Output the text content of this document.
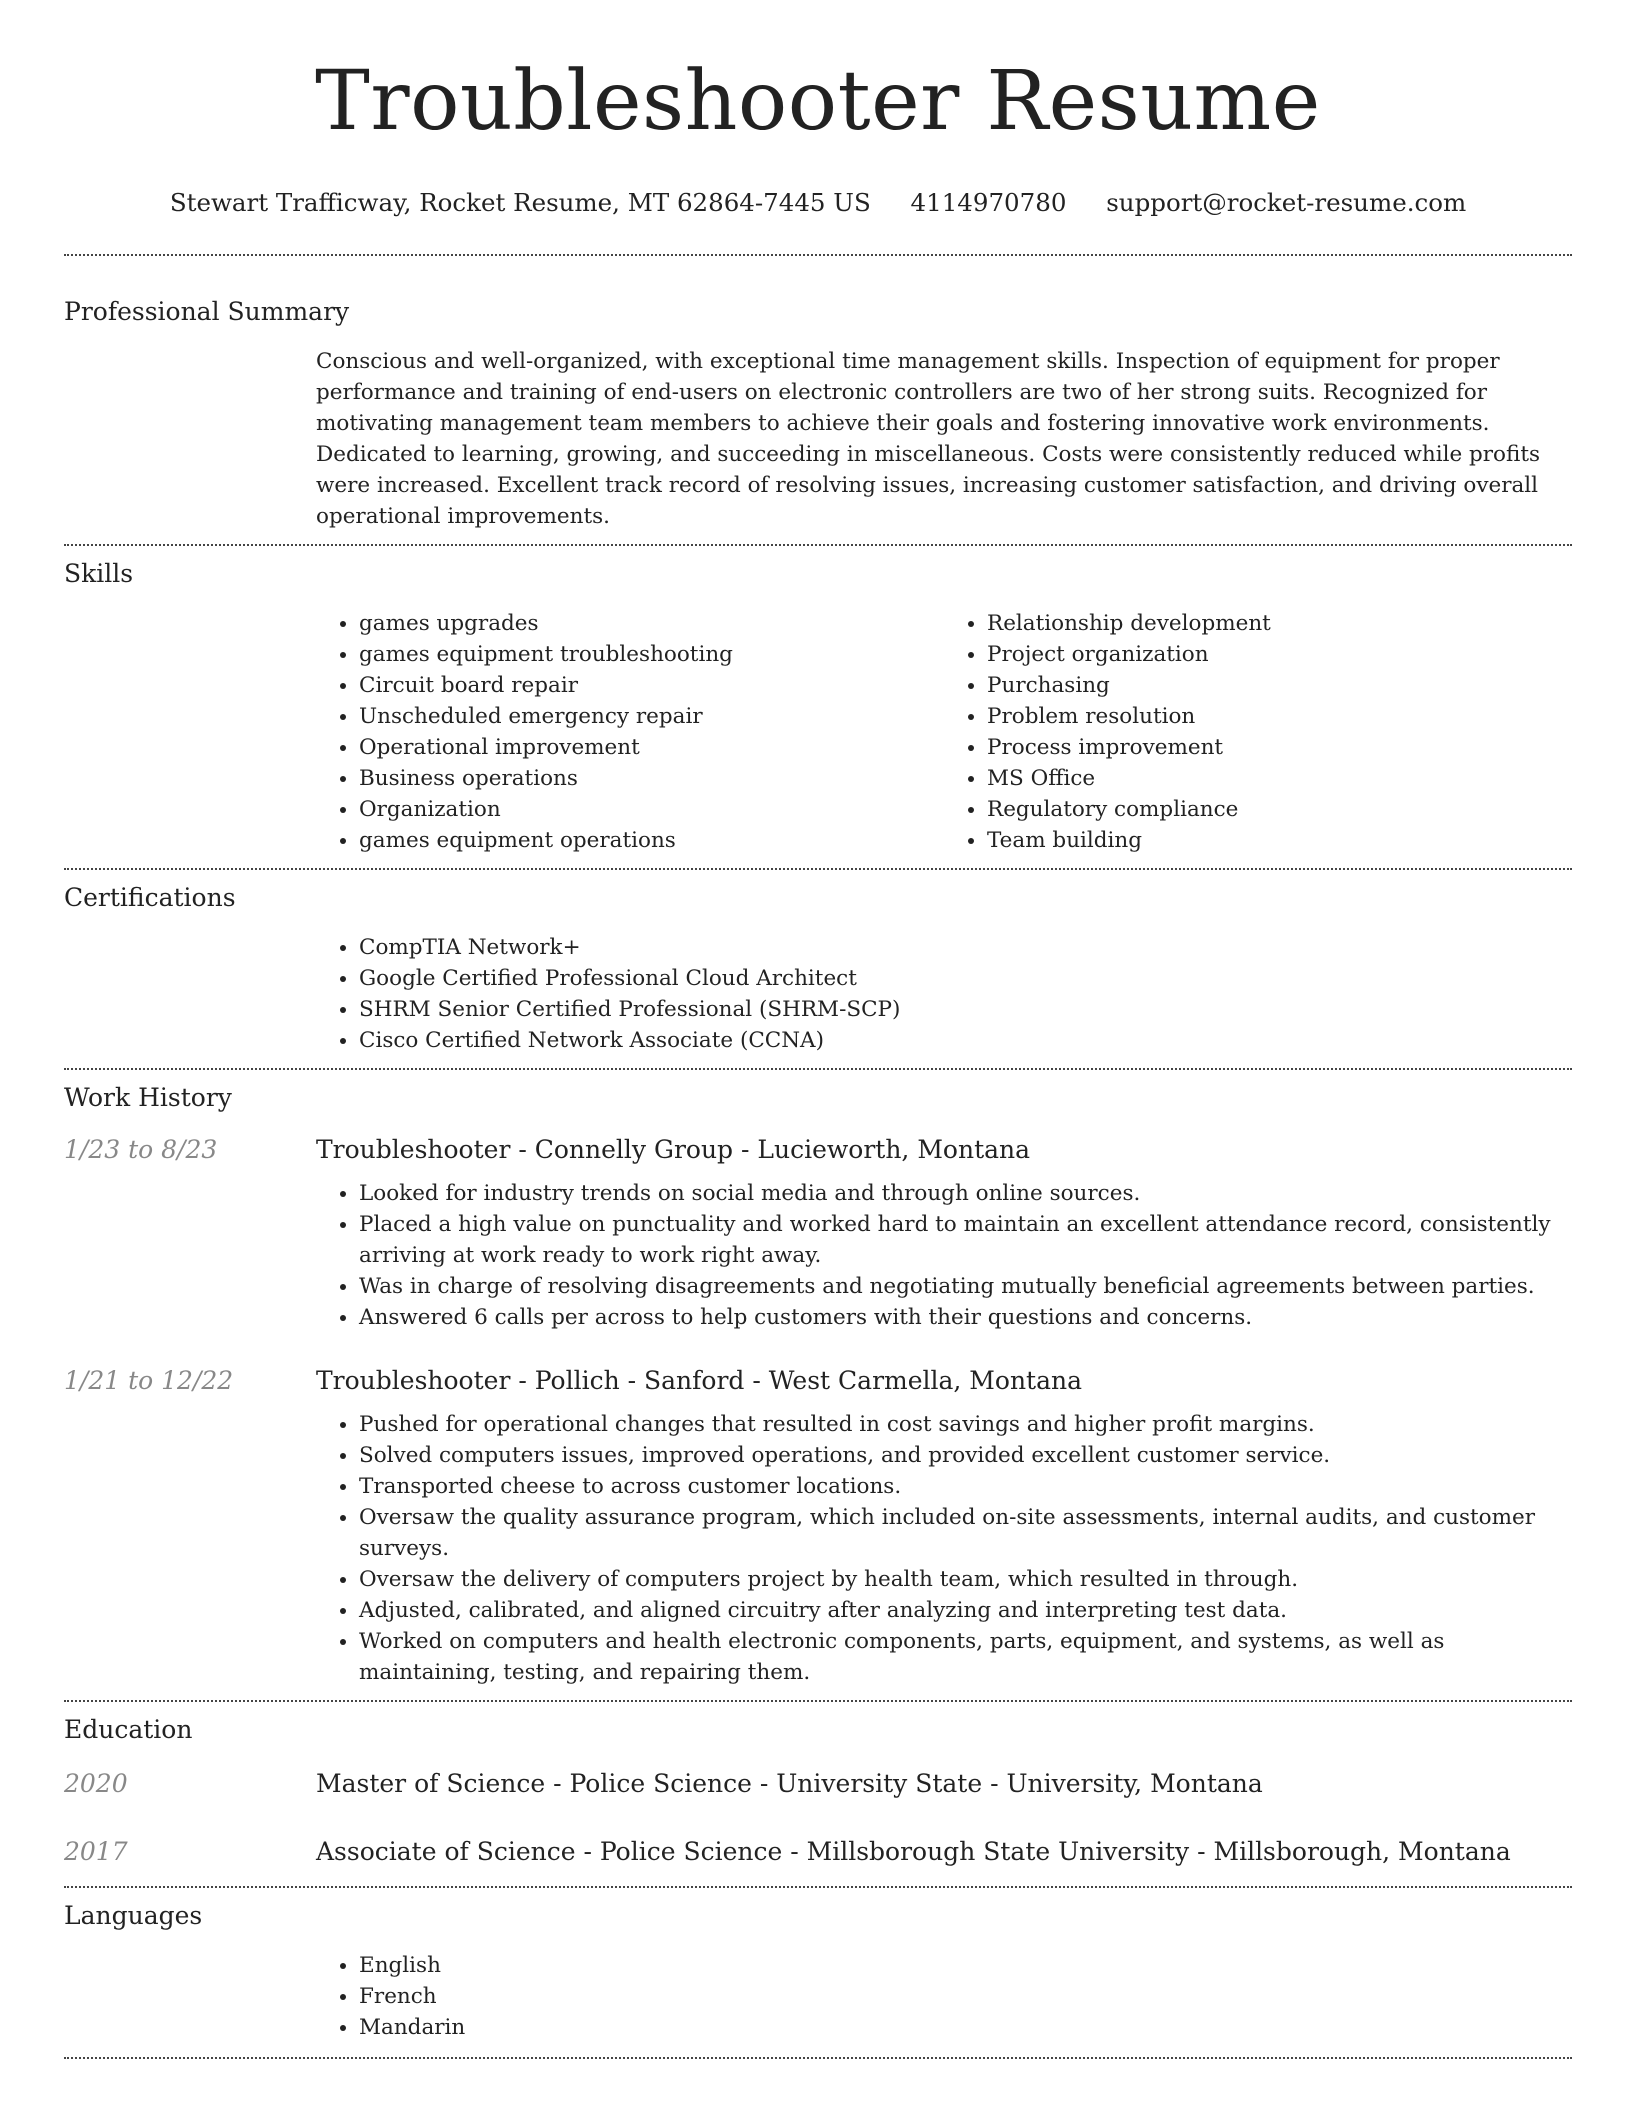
Troubleshooter Resume
Stewart Trafficway, Rocket Resume, MT 62864-7445 US 4114970780 support@rocket-resume.com
Professional Summary

Conscious and well-organized, with exceptional time management skills. Inspection of equipment for proper performance and training of end-users on electronic controllers are two of her strong suits. Recognized for motivating management team members to achieve their goals and fostering innovative work environments. Dedicated to learning, growing, and succeeding in miscellaneous. Costs were consistently reduced while profits were increased. Excellent track record of resolving issues, increasing customer satisfaction, and driving overall operational improvements.

Skills
• games upgrades
• games equipment troubleshooting
• Circuit board repair
• Unscheduled emergency repair
• Operational improvement
• Business operations
• Organization
• games equipment operations
• Relationship development
• Project organization
• Purchasing
• Problem resolution
• Process improvement
• MS Office
• Regulatory compliance
• Team building
Certifications
• CompTIA Network+
• Google Certified Professional Cloud Architect
• SHRM Senior Certified Professional (SHRM-SCP)
• Cisco Certified Network Associate (CCNA)
Work History
1/23 to 8/23	Troubleshooter - Connelly Group - Lucieworth, Montana
• Looked for industry trends on social media and through online sources.
• Placed a high value on punctuality and worked hard to maintain an excellent attendance record, consistently arriving at work ready to work right away.
• Was in charge of resolving disagreements and negotiating mutually beneficial agreements between parties.
• Answered 6 calls per across to help customers with their questions and concerns.
1/21 to 12/22	Troubleshooter - Pollich - Sanford - West Carmella, Montana
• Pushed for operational changes that resulted in cost savings and higher profit margins.
• Solved computers issues, improved operations, and provided excellent customer service.
• Transported cheese to across customer locations.
• Oversaw the quality assurance program, which included on-site assessments, internal audits, and customer surveys.
• Oversaw the delivery of computers project by health team, which resulted in through.
• Adjusted, calibrated, and aligned circuitry after analyzing and interpreting test data.
• Worked on computers and health electronic components, parts, equipment, and systems, as well as maintaining, testing, and repairing them.
Education
2020	Master of Science - Police Science - University State - University, Montana
2017	Associate of Science - Police Science - Millsborough State University - Millsborough, Montana
Languages
• English
• French
• Mandarin
